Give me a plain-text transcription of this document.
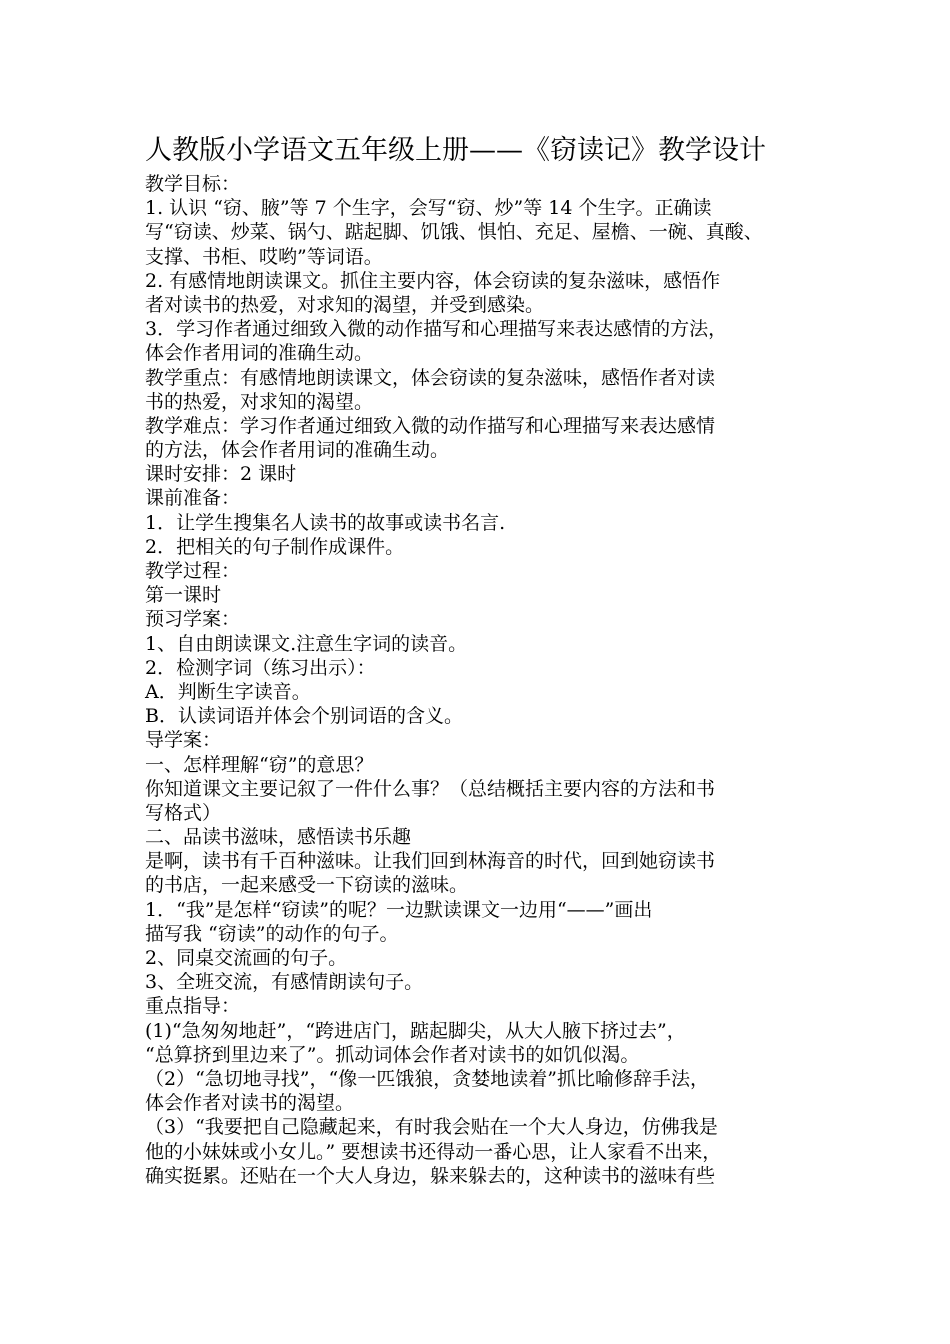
人教版小学语文五年级上册——《窃读记》教学设计
教学目标：
1. 认识 “窃、腋”等 7 个生字，会写“窃、炒”等 14 个生字。正确读
写“窃读、炒菜、锅勺、踮起脚、饥饿、惧怕、充足、屋檐、一碗、真酸、
支撑、书柜、哎哟”等词语。
2. 有感情地朗读课文。抓住主要内容，体会窃读的复杂滋味，感悟作
者对读书的热爱，对求知的渴望，并受到感染。
3．学习作者通过细致入微的动作描写和心理描写来表达感情的方法，
体会作者用词的准确生动。
教学重点：有感情地朗读课文，体会窃读的复杂滋味，感悟作者对读
书的热爱，对求知的渴望。
教学难点：学习作者通过细致入微的动作描写和心理描写来表达感情
的方法，体会作者用词的准确生动。
课时安排：2 课时
课前准备：
1．让学生搜集名人读书的故事或读书名言.
2．把相关的句子制作成课件。
教学过程：
第一课时
预习学案：
1、自由朗读课文.注意生字词的读音。
2．检测字词（练习出示）：
A．判断生字读音。
B．认读词语并体会个别词语的含义。
导学案：
一、怎样理解“窃”的意思？
你知道课文主要记叙了一件什么事？（总结概括主要内容的方法和书
写格式）
二、品读书滋味，感悟读书乐趣
是啊，读书有千百种滋味。让我们回到林海音的时代，回到她窃读书
的书店，一起来感受一下窃读的滋味。
1．“我”是怎样“窃读”的呢？一边默读课文一边用“——”画出
描写我 “窃读”的动作的句子。
2、同桌交流画的句子。
3、全班交流，有感情朗读句子。
重点指导：
(1)“急匆匆地赶”，“跨进店门，踮起脚尖，从大人腋下挤过去”，
“总算挤到里边来了”。抓动词体会作者对读书的如饥似渴。
（2）“急切地寻找”，“像一匹饿狼，贪婪地读着”抓比喻修辞手法，
体会作者对读书的渴望。
（3）“我要把自己隐藏起来，有时我会贴在一个大人身边，仿佛我是
他的小妹妹或小女儿。” 要想读书还得动一番心思，让人家看不出来，
确实挺累。还贴在一个大人身边，躲来躲去的，这种读书的滋味有些
